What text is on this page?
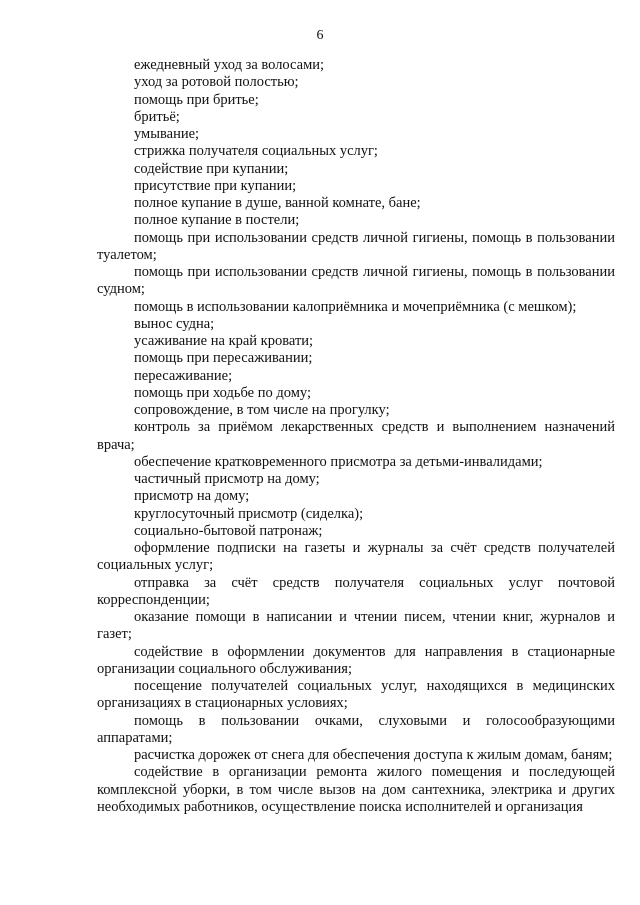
6

ежедневный уход за волосами;

уход за ротовой полостью;

помощь при бритье;

бритьё;

умывание;

стрижка получателя социальных услуг;

содействие при купании;

присутствие при купании;

полное купание в душе, ванной комнате, бане;

полное купание в постели;

помощь при использовании средств личной гигиены, помощь в пользовании туалетом;

помощь при использовании средств личной гигиены, помощь в пользовании судном;

помощь в использовании калоприёмника и мочеприёмника (с мешком);

вынос судна;

усаживание на край кровати;

помощь при пересаживании;

пересаживание;

помощь при ходьбе по дому;

сопровождение, в том числе на прогулку;

контроль за приёмом лекарственных средств и выполнением назначений врача;

обеспечение кратковременного присмотра за детьми-инвалидами;

частичный присмотр на дому;

присмотр на дому;

круглосуточный присмотр (сиделка);

социально-бытовой патронаж;

оформление подписки на газеты и журналы за счёт средств получателей социальных услуг;

отправка за счёт средств получателя социальных услуг почтовой корреспонденции;

оказание помощи в написании и чтении писем, чтении книг, журналов и газет;

содействие в оформлении документов для направления в стационарные организации социального обслуживания;

посещение получателей социальных услуг, находящихся в медицинских организациях в стационарных условиях;

помощь в пользовании очками, слуховыми и голосообразующими аппаратами;

расчистка дорожек от снега для обеспечения доступа к жилым домам, баням;

содействие в организации ремонта жилого помещения и последующей комплексной уборки, в том числе вызов на дом сантехника, электрика и других необходимых работников, осуществление поиска исполнителей и организация
